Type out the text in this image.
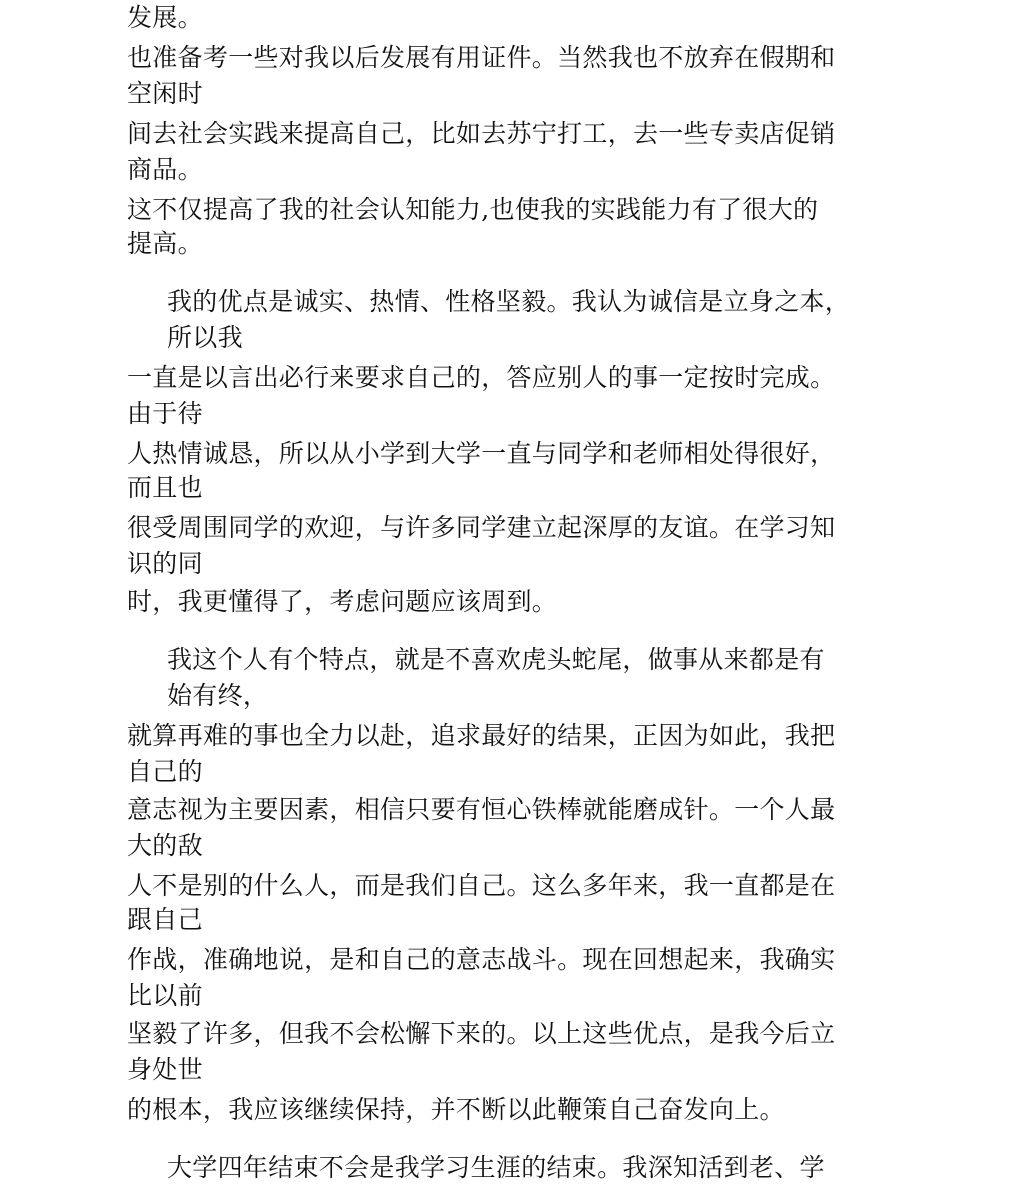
发展。

也准备考一些对我以后发展有用证件。当然我也不放弃在假期和

空闲时

间去社会实践来提高自己，比如去苏宁打工，去一些专卖店促销

商品。

这不仅提高了我的社会认知能力,也使我的实践能力有了很大的

提高。

我的优点是诚实、热情、性格坚毅。我认为诚信是立身之本，

所以我

一直是以言出必行来要求自己的，答应别人的事一定按时完成。

由于待

人热情诚恳，所以从小学到大学一直与同学和老师相处得很好，

而且也

很受周围同学的欢迎，与许多同学建立起深厚的友谊。在学习知

识的同

时，我更懂得了，考虑问题应该周到。

我这个人有个特点，就是不喜欢虎头蛇尾，做事从来都是有

始有终，

就算再难的事也全力以赴，追求最好的结果，正因为如此，我把

自己的

意志视为主要因素，相信只要有恒心铁棒就能磨成针。一个人最

大的敌

人不是别的什么人，而是我们自己。这么多年来，我一直都是在

跟自己

作战，准确地说，是和自己的意志战斗。现在回想起来，我确实

比以前

坚毅了许多，但我不会松懈下来的。以上这些优点，是我今后立

身处世

的根本，我应该继续保持，并不断以此鞭策自己奋发向上。

大学四年结束不会是我学习生涯的结束。我深知活到老、学
